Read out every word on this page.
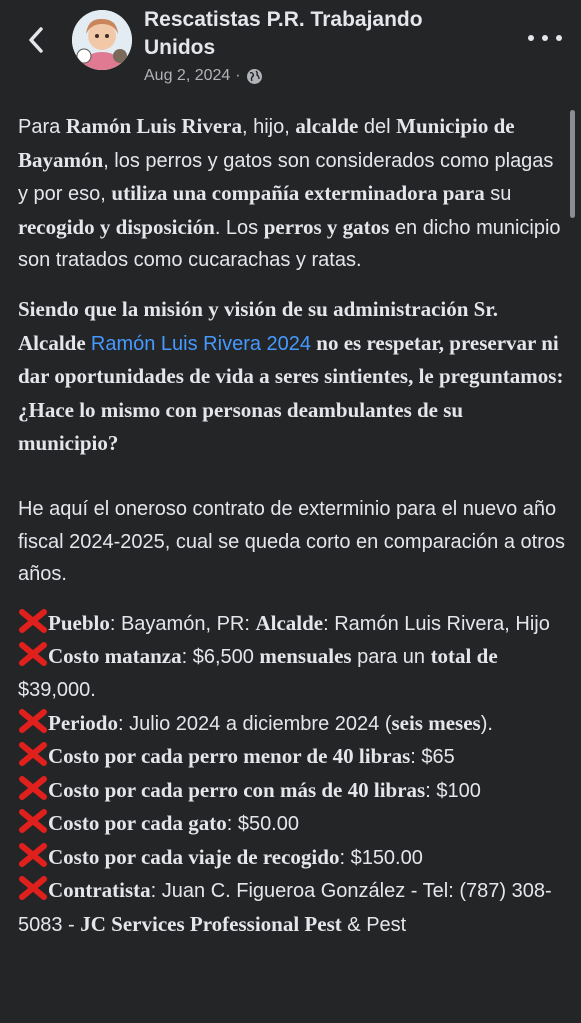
Rescatistas P.R. Trabajando Unidos
Aug 2, 2024 ·

Para Ramón Luis Rivera, hijo, alcalde del Municipio de Bayamón, los perros y gatos son considerados como plagas y por eso, utiliza una compañía exterminadora para su recogido y disposición. Los perros y gatos en dicho municipio son tratados como cucarachas y ratas.

Siendo que la misión y visión de su administración Sr. Alcalde Ramón Luis Rivera 2024 no es respetar, preservar ni dar oportunidades de vida a seres sintientes, le preguntamos: ¿Hace lo mismo con personas deambulantes de su municipio?

He aquí el oneroso contrato de exterminio para el nuevo año fiscal 2024-2025, cual se queda corto en comparación a otros años.

Pueblo: Bayamón, PR: Alcalde: Ramón Luis Rivera, Hijo
Costo matanza: $6,500 mensuales para un total de $39,000.
Periodo: Julio 2024 a diciembre 2024 (seis meses).
Costo por cada perro menor de 40 libras: $65
Costo por cada perro con más de 40 libras: $100
Costo por cada gato: $50.00
Costo por cada viaje de recogido: $150.00
Contratista: Juan C. Figueroa González - Tel: (787) 308-5083 - JC Services Professional Pest & Pest
